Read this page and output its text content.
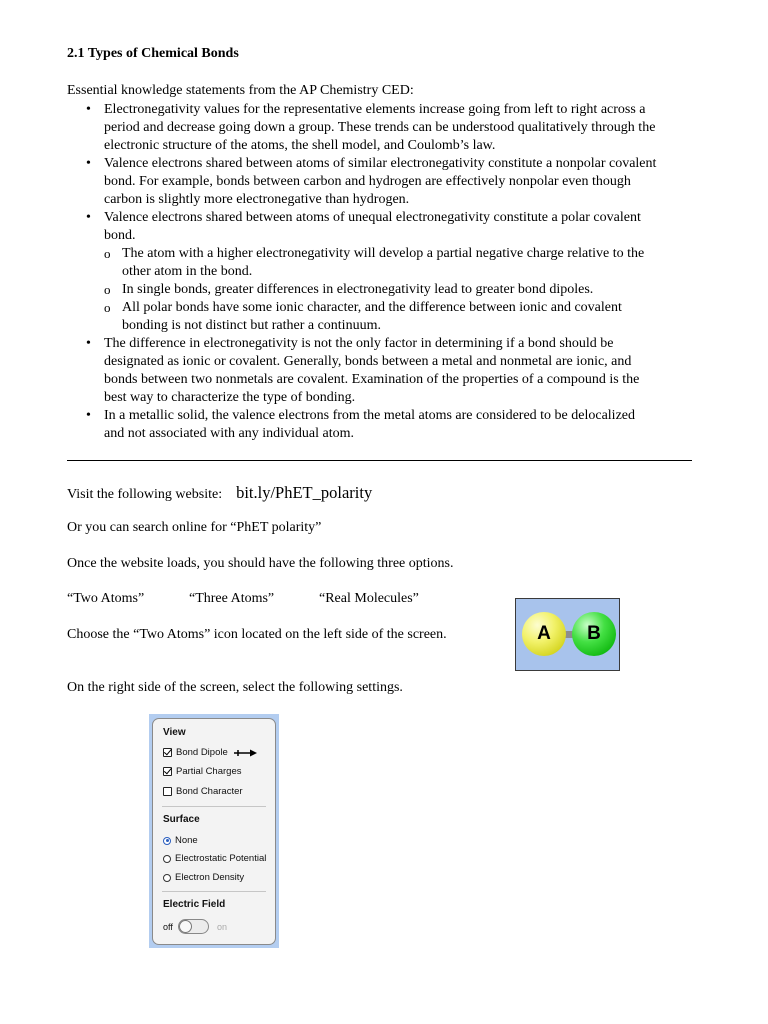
2.1 Types of Chemical Bonds
Essential knowledge statements from the AP Chemistry CED:
• Electronegativity values for the representative elements increase going from left to right across a
period and decrease going down a group. These trends can be understood qualitatively through the
electronic structure of the atoms, the shell model, and Coulomb’s law.
• Valence electrons shared between atoms of similar electronegativity constitute a nonpolar covalent
bond. For example, bonds between carbon and hydrogen are effectively nonpolar even though
carbon is slightly more electronegative than hydrogen.
• Valence electrons shared between atoms of unequal electronegativity constitute a polar covalent
bond.
o The atom with a higher electronegativity will develop a partial negative charge relative to the
other atom in the bond.
o In single bonds, greater differences in electronegativity lead to greater bond dipoles.
o All polar bonds have some ionic character, and the difference between ionic and covalent
bonding is not distinct but rather a continuum.
• The difference in electronegativity is not the only factor in determining if a bond should be
designated as ionic or covalent. Generally, bonds between a metal and nonmetal are ionic, and
bonds between two nonmetals are covalent. Examination of the properties of a compound is the
best way to characterize the type of bonding.
• In a metallic solid, the valence electrons from the metal atoms are considered to be delocalized
and not associated with any individual atom.
Visit the following website: bit.ly/PhET_polarity
Or you can search online for “PhET polarity”
Once the website loads, you should have the following three options.
“Two Atoms”	“Three Atoms”	“Real Molecules”
Choose the “Two Atoms” icon located on the left side of the screen.	A	B
On the right side of the screen, select the following settings.
View
Bond Dipole
Partial Charges
Bond Character
Surface
None
Electrostatic Potential
Electron Density
Electric Field
off	on
